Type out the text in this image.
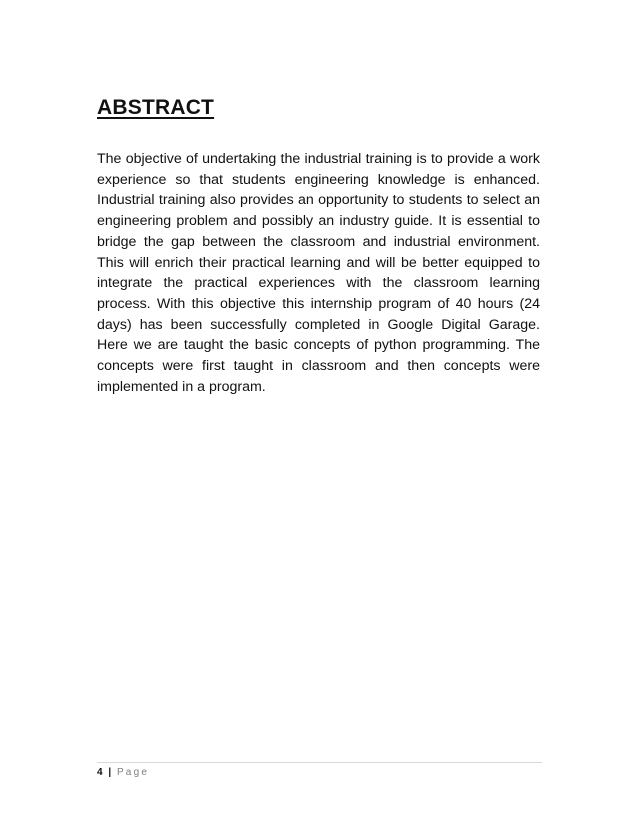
ABSTRACT

The objective of undertaking the industrial training is to provide a work experience so that students engineering knowledge is enhanced. Industrial training also provides an opportunity to students to select an engineering problem and possibly an industry guide. It is essential to bridge the gap between the classroom and industrial environment. This will enrich their practical learning and will be better equipped to integrate the practical experiences with the classroom learning process. With this objective this internship program of 40 hours (24 days) has been successfully completed in Google Digital Garage. Here we are taught the basic concepts of python programming. The concepts were first taught in classroom and then concepts were implemented in a program.

4 | Page
